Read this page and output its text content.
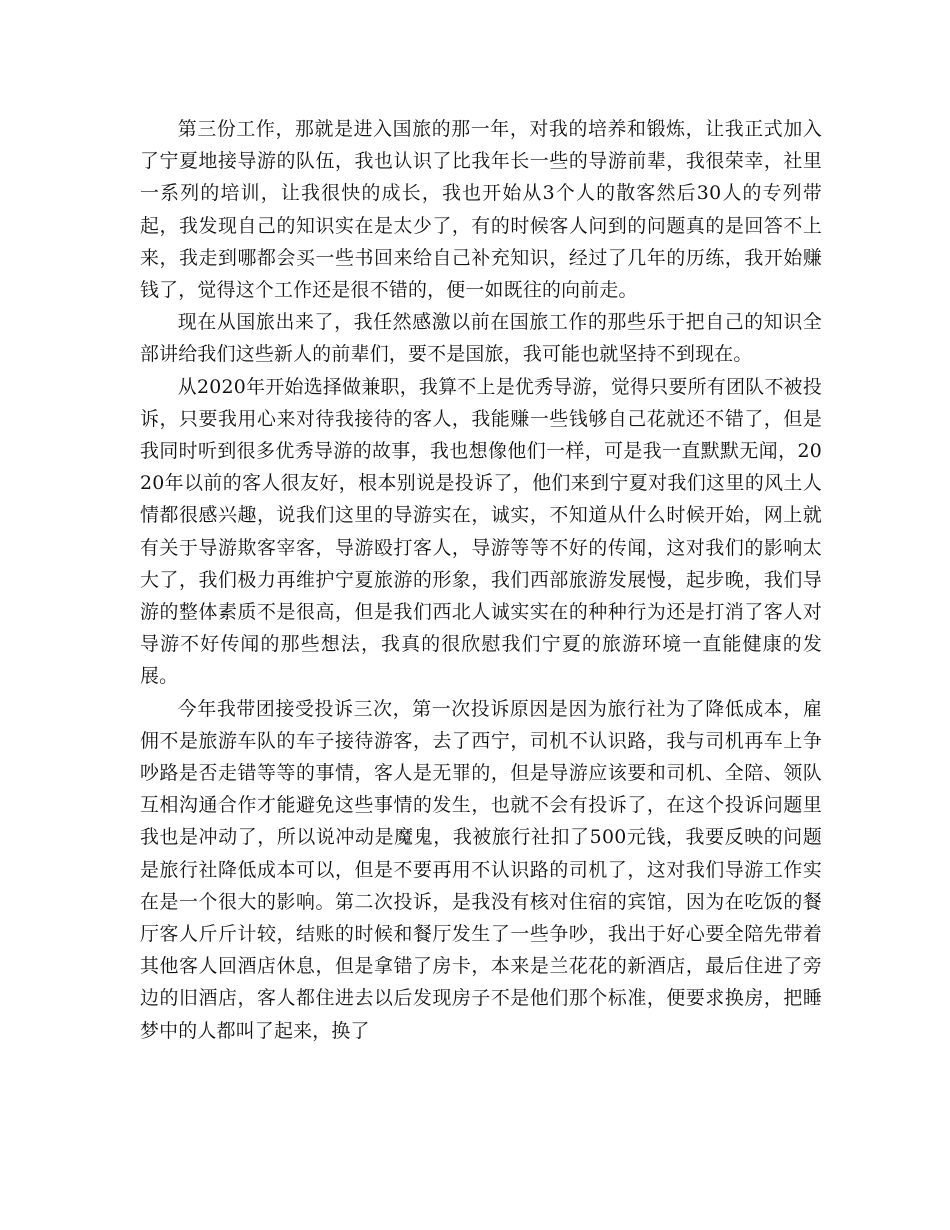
第三份工作，那就是进入国旅的那一年，对我的培养和锻炼，让我正式加入了宁夏地接导游的队伍，我也认识了比我年长一些的导游前辈，我很荣幸，社里一系列的培训，让我很快的成长，我也开始从3个人的散客然后30人的专列带起，我发现自己的知识实在是太少了，有的时候客人问到的问题真的是回答不上来，我走到哪都会买一些书回来给自己补充知识，经过了几年的历练，我开始赚钱了，觉得这个工作还是很不错的，便一如既往的向前走。

现在从国旅出来了，我任然感激以前在国旅工作的那些乐于把自己的知识全部讲给我们这些新人的前辈们，要不是国旅，我可能也就坚持不到现在。

从2020年开始选择做兼职，我算不上是优秀导游，觉得只要所有团队不被投诉，只要我用心来对待我接待的客人，我能赚一些钱够自己花就还不错了，但是我同时听到很多优秀导游的故事，我也想像他们一样，可是我一直默默无闻，2020年以前的客人很友好，根本别说是投诉了，他们来到宁夏对我们这里的风土人情都很感兴趣，说我们这里的导游实在，诚实，不知道从什么时候开始，网上就有关于导游欺客宰客，导游殴打客人，导游等等不好的传闻，这对我们的影响太大了，我们极力再维护宁夏旅游的形象，我们西部旅游发展慢，起步晚，我们导游的整体素质不是很高，但是我们西北人诚实实在的种种行为还是打消了客人对导游不好传闻的那些想法，我真的很欣慰我们宁夏的旅游环境一直能健康的发展。

今年我带团接受投诉三次，第一次投诉原因是因为旅行社为了降低成本，雇佣不是旅游车队的车子接待游客，去了西宁，司机不认识路，我与司机再车上争吵路是否走错等等的事情，客人是无罪的，但是导游应该要和司机、全陪、领队互相沟通合作才能避免这些事情的发生，也就不会有投诉了，在这个投诉问题里我也是冲动了，所以说冲动是魔鬼，我被旅行社扣了500元钱，我要反映的问题是旅行社降低成本可以，但是不要再用不认识路的司机了，这对我们导游工作实在是一个很大的影响。第二次投诉，是我没有核对住宿的宾馆，因为在吃饭的餐厅客人斤斤计较，结账的时候和餐厅发生了一些争吵，我出于好心要全陪先带着其他客人回酒店休息，但是拿错了房卡，本来是兰花花的新酒店，最后住进了旁边的旧酒店，客人都住进去以后发现房子不是他们那个标准，便要求换房，把睡梦中的人都叫了起来，换了
